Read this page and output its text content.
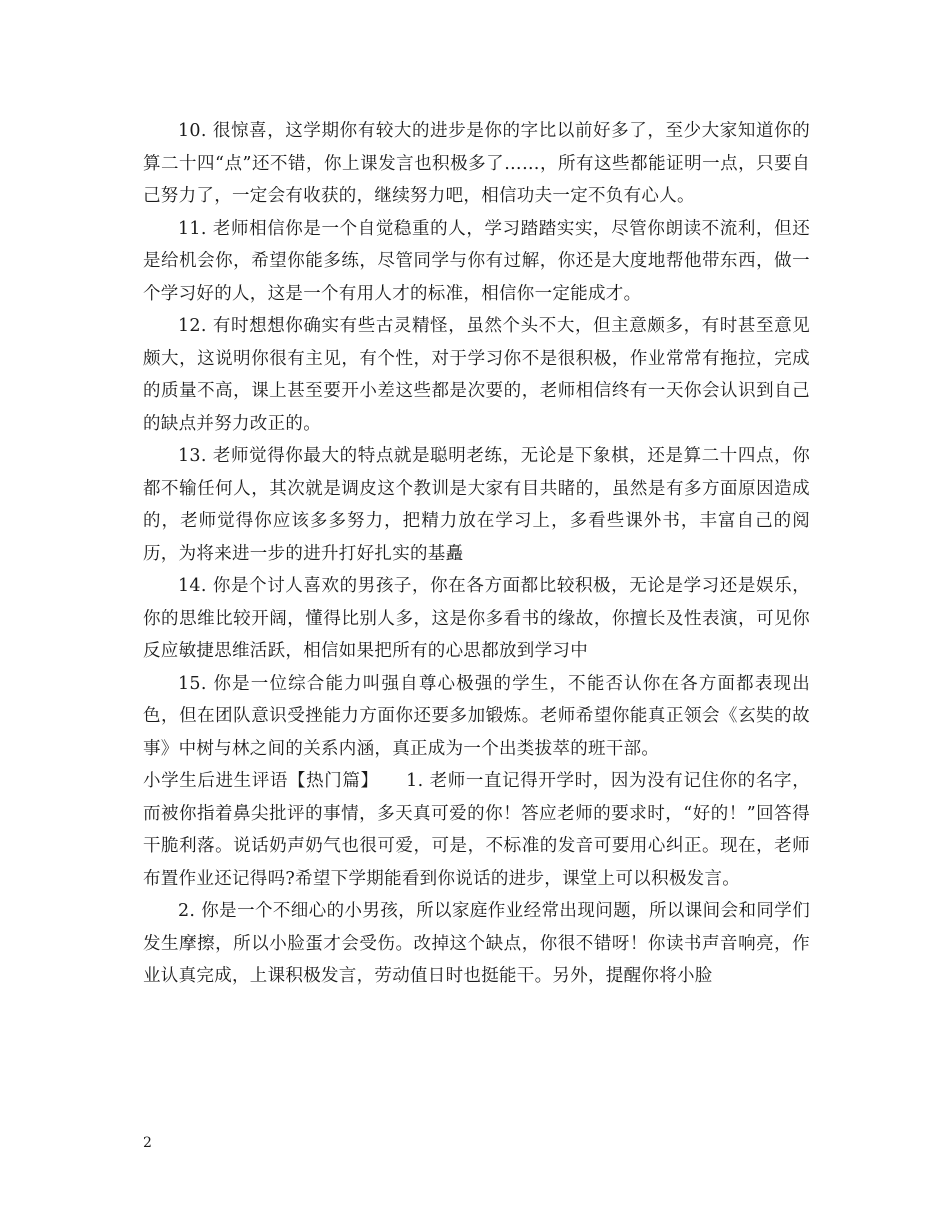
10. 很惊喜，这学期你有较大的进步是你的字比以前好多了，至少大家知道你的算二十四“点”还不错，你上课发言也积极多了……，所有这些都能证明一点，只要自己努力了，一定会有收获的，继续努力吧，相信功夫一定不负有心人。

11. 老师相信你是一个自觉稳重的人，学习踏踏实实，尽管你朗读不流利，但还是给机会你，希望你能多练，尽管同学与你有过解，你还是大度地帮他带东西，做一个学习好的人，这是一个有用人才的标准，相信你一定能成才。

12. 有时想想你确实有些古灵精怪，虽然个头不大，但主意颇多，有时甚至意见颇大，这说明你很有主见，有个性，对于学习你不是很积极，作业常常有拖拉，完成的质量不高，课上甚至要开小差这些都是次要的，老师相信终有一天你会认识到自己的缺点并努力改正的。

13. 老师觉得你最大的特点就是聪明老练，无论是下象棋，还是算二十四点，你都不输任何人，其次就是调皮这个教训是大家有目共睹的，虽然是有多方面原因造成的，老师觉得你应该多多努力，把精力放在学习上，多看些课外书，丰富自己的阅历，为将来进一步的进升打好扎实的基矗

14. 你是个讨人喜欢的男孩子，你在各方面都比较积极，无论是学习还是娱乐，你的思维比较开阔，懂得比别人多，这是你多看书的缘故，你擅长及性表演，可见你反应敏捷思维活跃，相信如果把所有的心思都放到学习中

15. 你是一位综合能力叫强自尊心极强的学生，不能否认你在各方面都表现出色，但在团队意识受挫能力方面你还要多加锻炼。老师希望你能真正领会《玄奘的故事》中树与林之间的关系内涵，真正成为一个出类拔萃的班干部。

小学生后进生评语【热门篇】　　1. 老师一直记得开学时，因为没有记住你的名字，而被你指着鼻尖批评的事情，多天真可爱的你！答应老师的要求时，“好的！”回答得干脆利落。说话奶声奶气也很可爱，可是，不标准的发音可要用心纠正。现在，老师布置作业还记得吗?希望下学期能看到你说话的进步，课堂上可以积极发言。

2. 你是一个不细心的小男孩，所以家庭作业经常出现问题，所以课间会和同学们发生摩擦，所以小脸蛋才会受伤。改掉这个缺点，你很不错呀！你读书声音响亮，作业认真完成，上课积极发言，劳动值日时也挺能干。另外，提醒你将小脸

2
